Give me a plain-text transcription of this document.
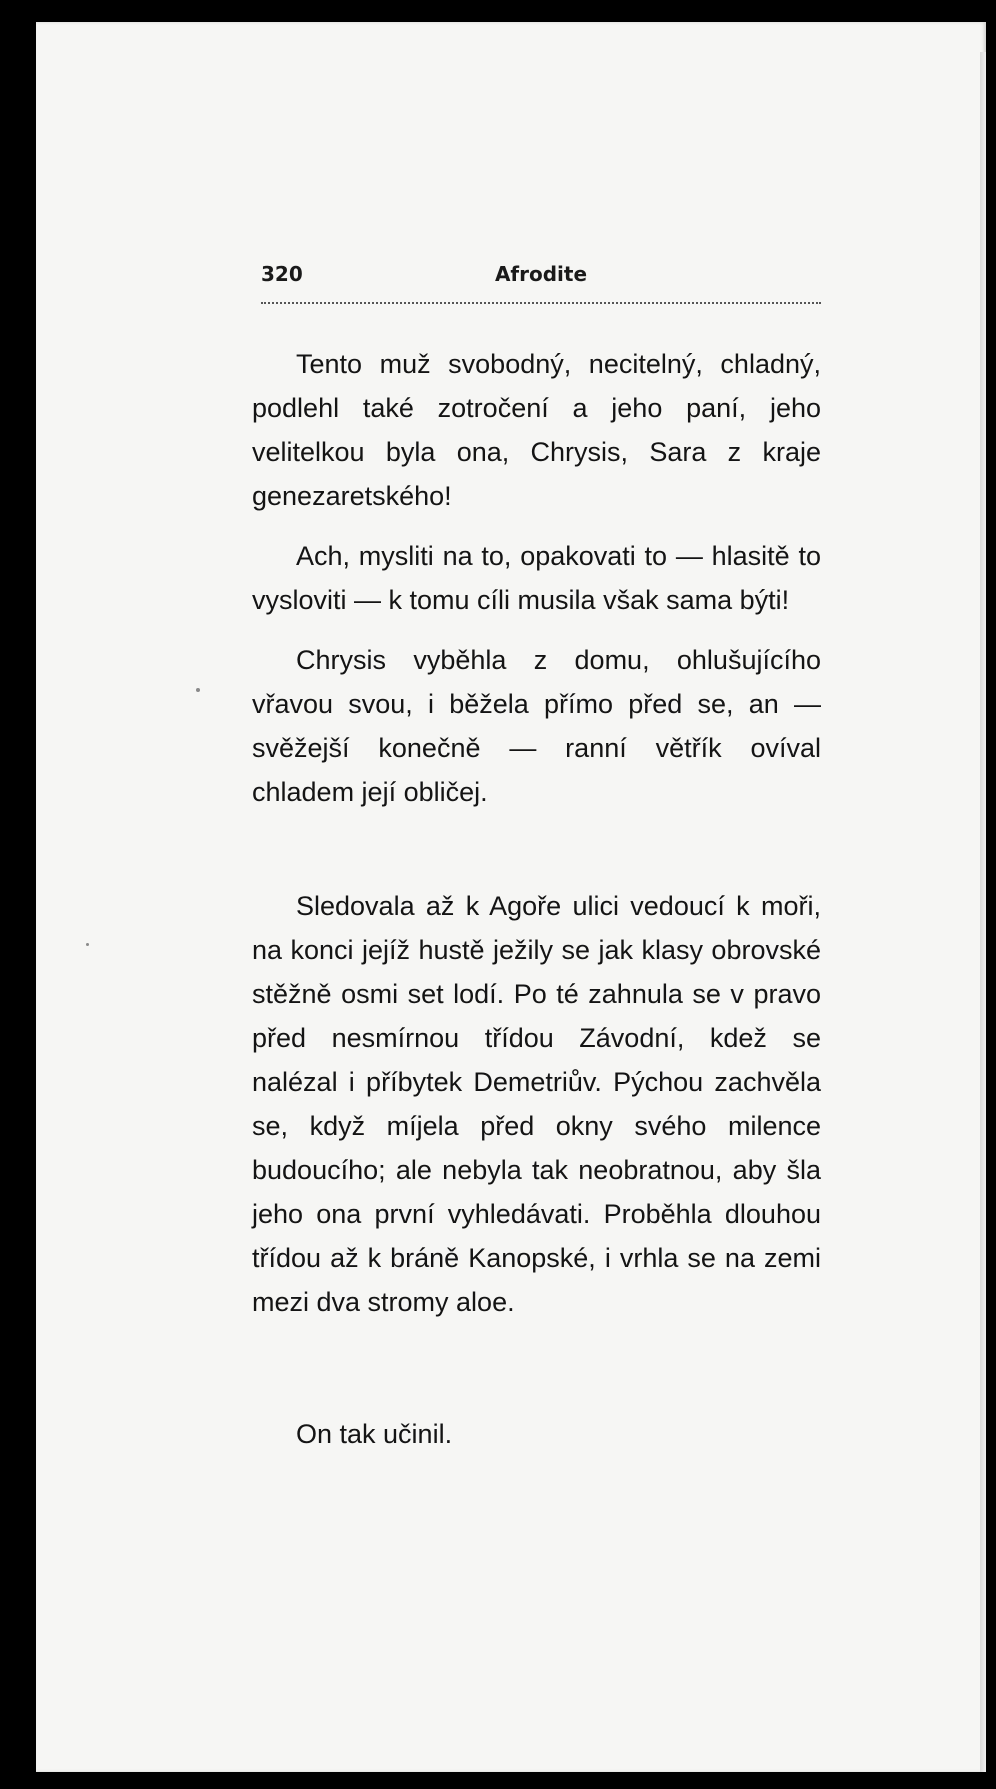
320	Afrodite

Tento muž svobodný, necitelný, chladný, podlehl také zotročení a jeho paní, jeho velitelkou byla ona, Chrysis, Sara z kraje genezaretského!

Ach, mysliti na to, opakovati to — hlasitě to vysloviti — k tomu cíli musila však sama býti!

Chrysis vyběhla z domu, ohlušujícího vřavou svou, i běžela přímo před se, an — svěžejší konečně — ranní větřík ovíval chladem její obličej.

Sledovala až k Agoře ulici vedoucí k moři, na konci jejíž hustě ježily se jak klasy obrovské stěžně osmi set lodí. Po té zahnula se v pravo před nesmírnou třídou Závodní, kdež se nalézal i příbytek Demetriův. Pýchou zachvěla se, když míjela před okny svého milence budoucího; ale nebyla tak neobratnou, aby šla jeho ona první vyhledávati. Proběhla dlouhou třídou až k bráně Kanopské, i vrhla se na zemi mezi dva stromy aloe.

On tak učinil.
